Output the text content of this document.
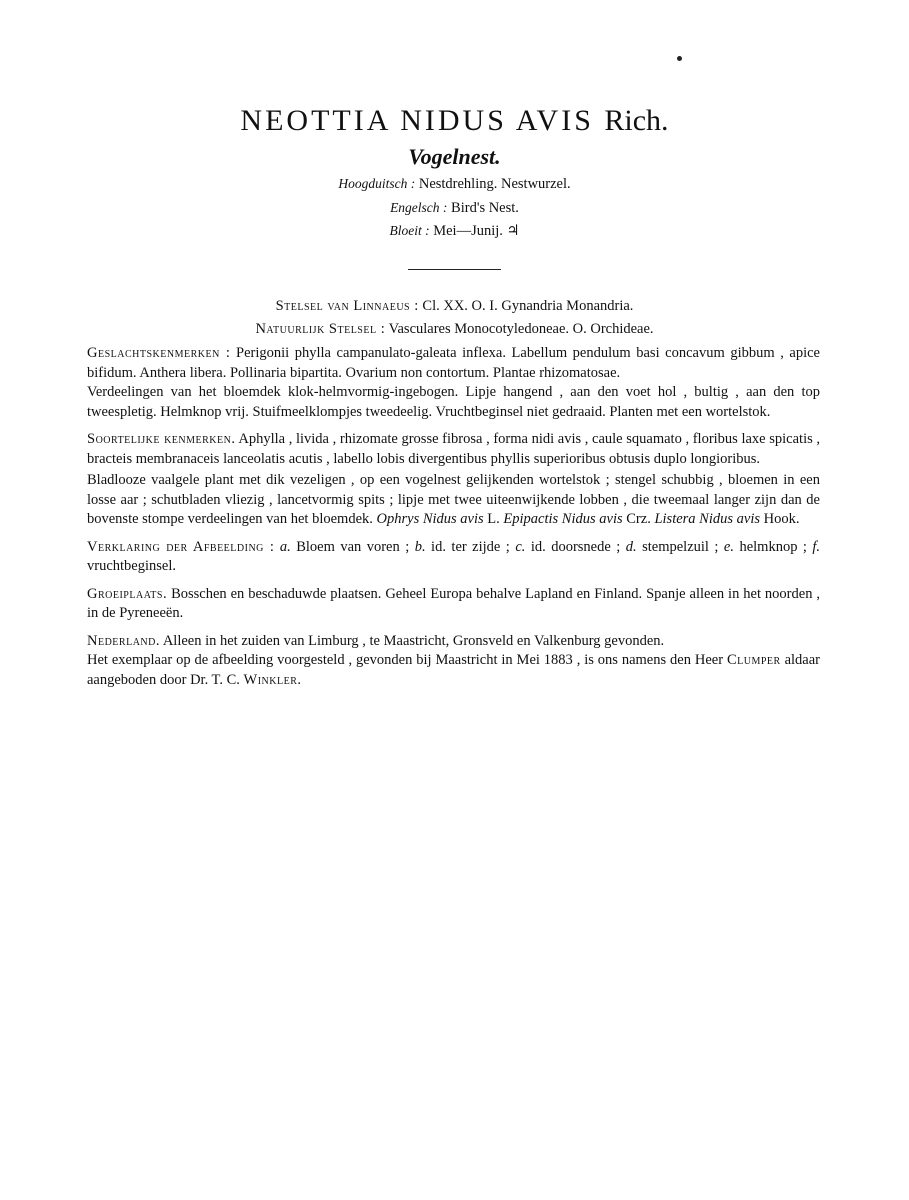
NEOTTIA NIDUS AVIS Rich.
Vogelnest.
Hoogduitsch : Nestdrehling. Nestwurzel.
Engelsch : Bird's Nest.
Bloeit : Mei—Junij. ♃
Stelsel van Linnaeus : Cl. XX. O. I. Gynandria Monandria.
Natuurlijk Stelsel : Vasculares Monocotyledoneae. O. Orchideae.

Geslachtskenmerken : Perigonii phylla campanulato-galeata inflexa. Labellum pendulum basi concavum gibbum , apice bifidum. Anthera libera. Pollinaria bipartita. Ovarium non contortum. Plantae rhizomatosae.

Verdeelingen van het bloemdek klok-helmvormig-ingebogen. Lipje hangend , aan den voet hol , bultig , aan den top tweespletig. Helmknop vrij. Stuifmeelklompjes tweedeelig. Vruchtbeginsel niet gedraaid. Planten met een wortelstok.

Soortelijke kenmerken. Aphylla , livida , rhizomate grosse fibrosa , forma nidi avis , caule squamato , floribus laxe spicatis , bracteis membranaceis lanceolatis acutis , labello lobis divergentibus phyllis superioribus obtusis duplo longioribus.

Bladlooze vaalgele plant met dik vezeligen , op een vogelnest gelijkenden wortelstok ; stengel schubbig , bloemen in een losse aar ; schutbladen vliezig , lancetvormig spits ; lipje met twee uiteenwijkende lobben , die tweemaal langer zijn dan de bovenste stompe verdeelingen van het bloemdek. Ophrys Nidus avis L. Epipactis Nidus avis Crz. Listera Nidus avis Hook.

Verklaring der Afbeelding : a. Bloem van voren ; b. id. ter zijde ; c. id. doorsnede ; d. stempelzuil ; e. helmknop ; f. vruchtbeginsel.

Groeiplaats. Bosschen en beschaduwde plaatsen. Geheel Europa behalve Lapland en Finland. Spanje alleen in het noorden , in de Pyreneeën.

Nederland. Alleen in het zuiden van Limburg , te Maastricht, Gronsveld en Valkenburg gevonden.

Het exemplaar op de afbeelding voorgesteld , gevonden bij Maastricht in Mei 1883 , is ons namens den Heer Clumper aldaar aangeboden door Dr. T. C. Winkler.
